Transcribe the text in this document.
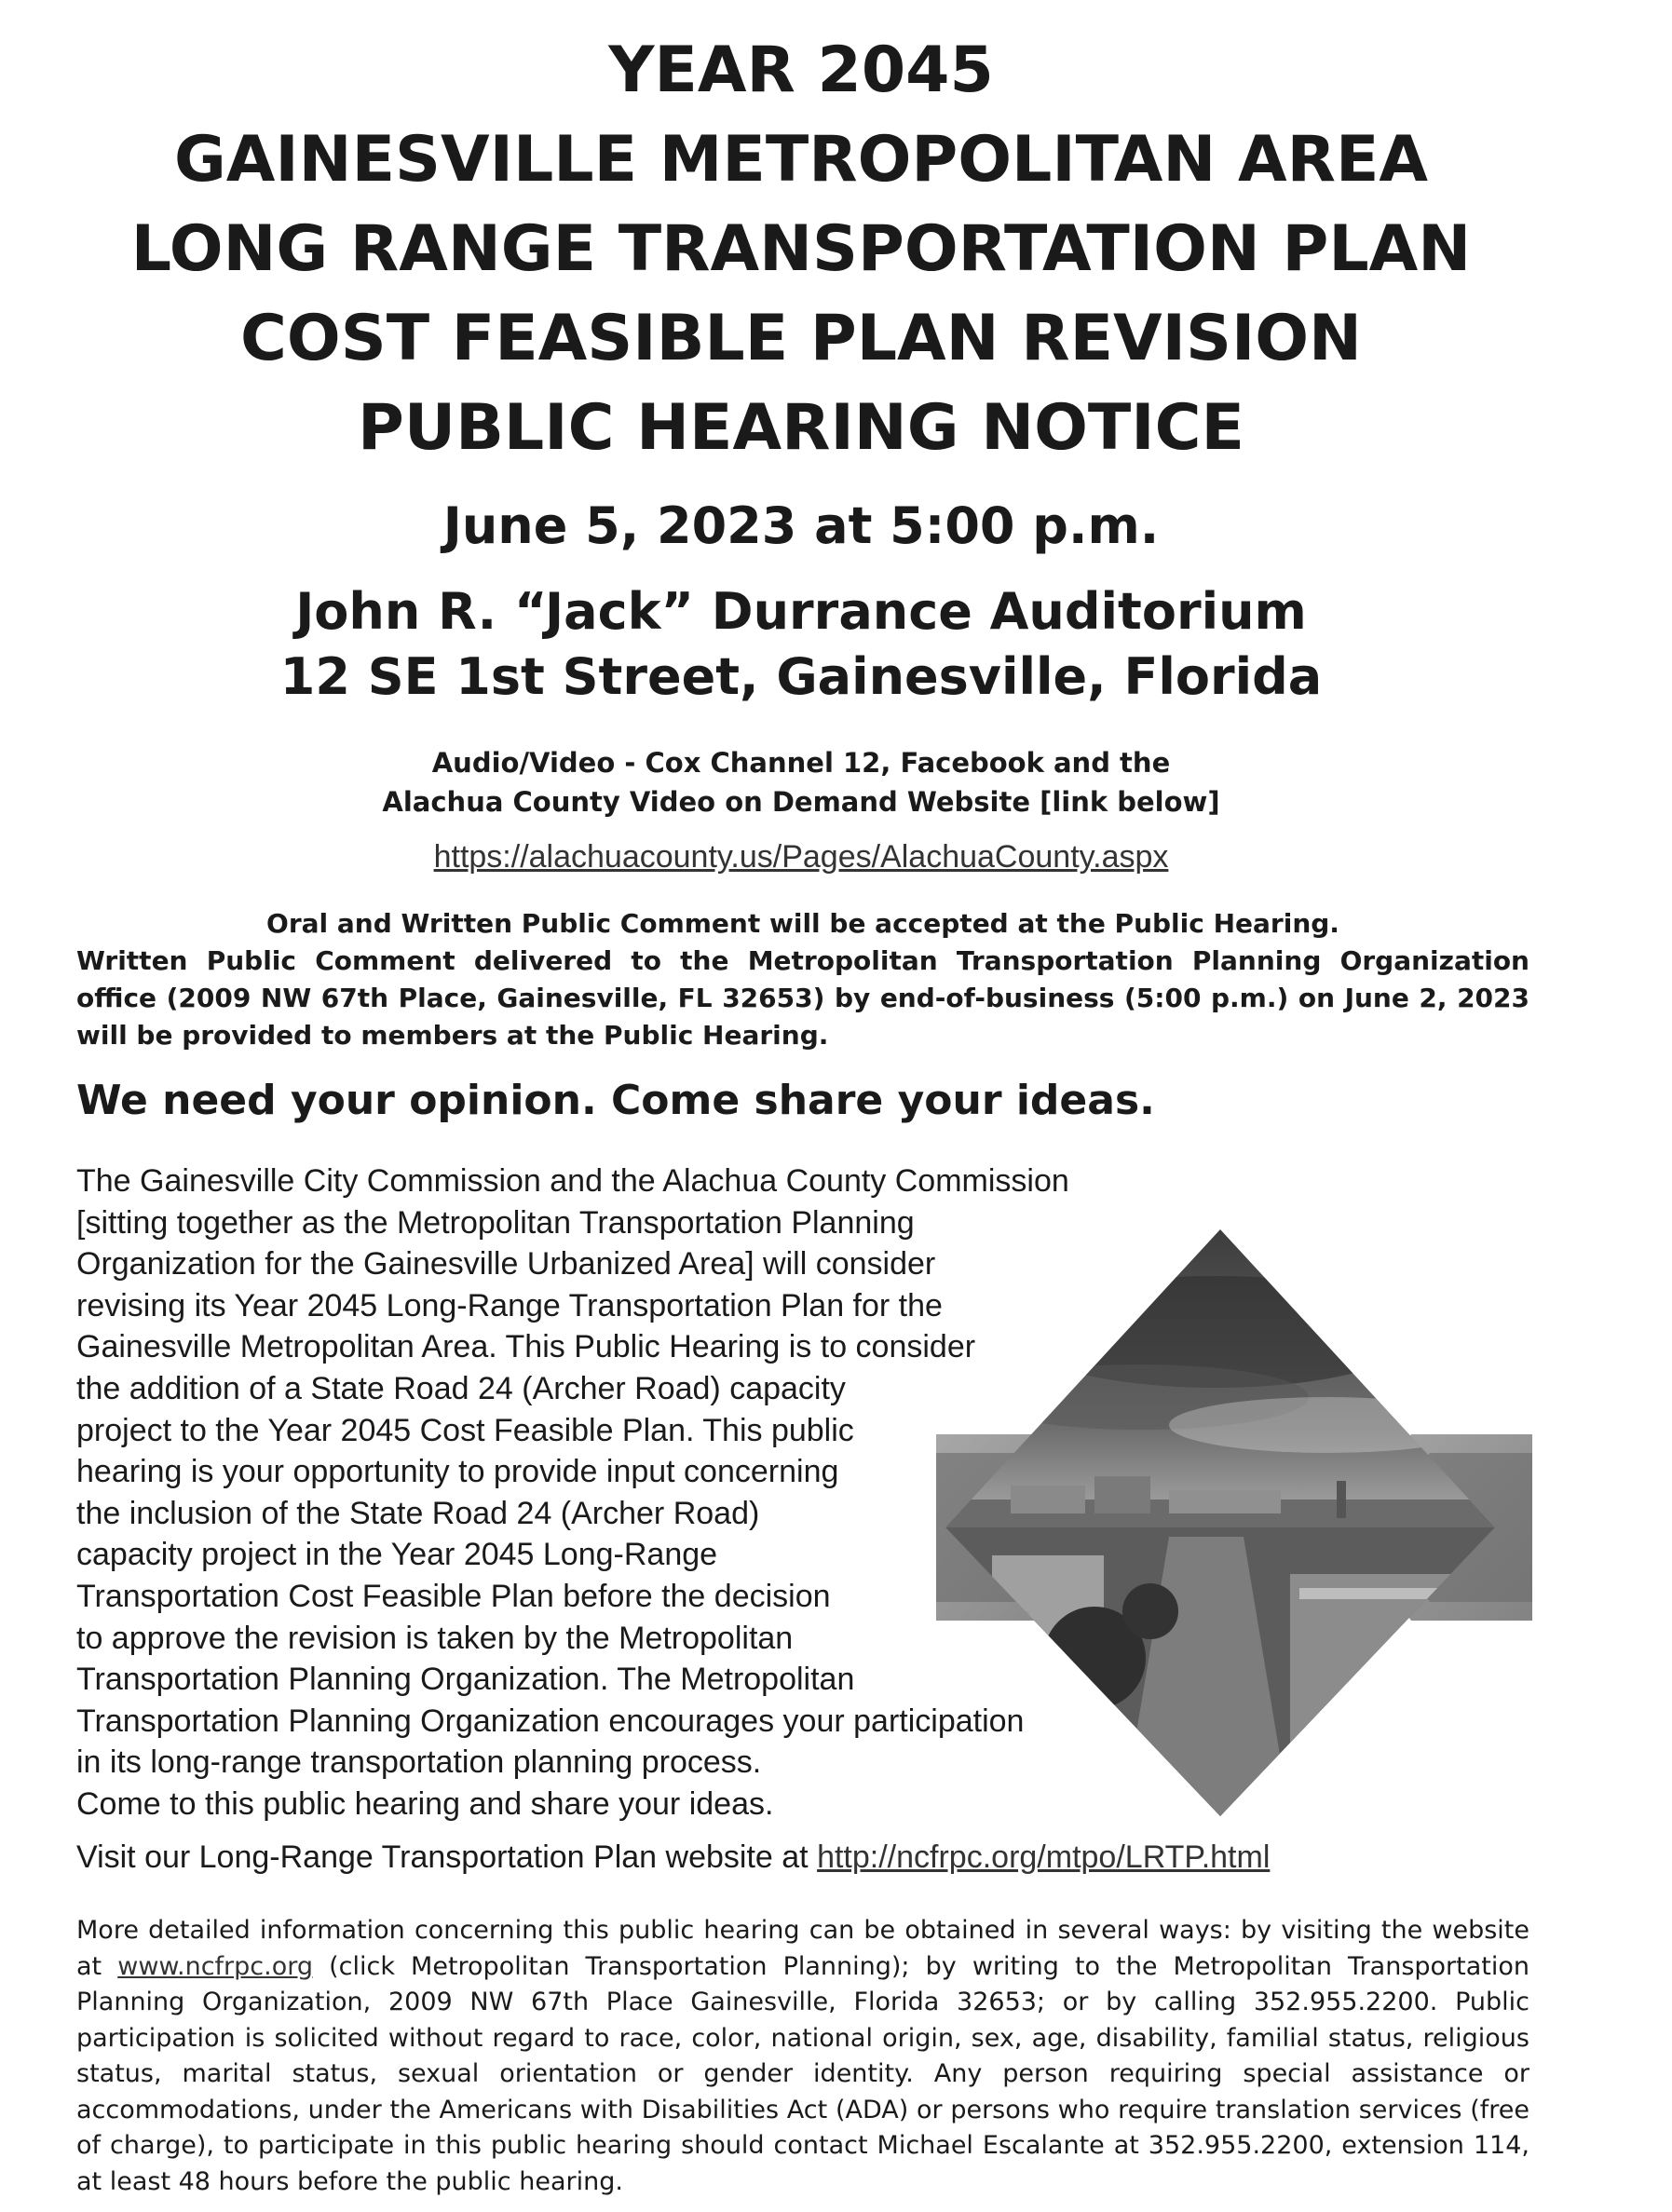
YEAR 2045
GAINESVILLE METROPOLITAN AREA
LONG RANGE TRANSPORTATION PLAN
COST FEASIBLE PLAN REVISION
PUBLIC HEARING NOTICE
June 5, 2023 at 5:00 p.m.
John R. “Jack” Durrance Auditorium
12 SE 1st Street, Gainesville, Florida
Audio/Video - Cox Channel 12, Facebook and the
Alachua County Video on Demand Website [link below]
https://alachuacounty.us/Pages/AlachuaCounty.aspx
Oral and Written Public Comment will be accepted at the Public Hearing.
Written Public Comment delivered to the Metropolitan Transportation Planning Organization office (2009 NW 67th Place, Gainesville, FL 32653) by end-of-business (5:00 p.m.) on June 2, 2023 will be provided to members at the Public Hearing.
We need your opinion. Come share your ideas.
The Gainesville City Commission and the Alachua County Commission
[sitting together as the Metropolitan Transportation Planning
Organization for the Gainesville Urbanized Area] will consider
revising its Year 2045 Long-Range Transportation Plan for the
Gainesville Metropolitan Area. This Public Hearing is to consider
the addition of a State Road 24 (Archer Road) capacity
project to the Year 2045 Cost Feasible Plan. This public
hearing is your opportunity to provide input concerning
the inclusion of the State Road 24 (Archer Road)
capacity project in the Year 2045 Long-Range
Transportation Cost Feasible Plan before the decision
to approve the revision is taken by the Metropolitan
Transportation Planning Organization. The Metropolitan
Transportation Planning Organization encourages your participation
in its long-range transportation planning process.
Come to this public hearing and share your ideas.
Visit our Long-Range Transportation Plan website at http://ncfrpc.org/mtpo/LRTP.html
More detailed information concerning this public hearing can be obtained in several ways: by visiting the website at www.ncfrpc.org (click Metropolitan Transportation Planning); by writing to the Metropolitan Transportation Planning Organization, 2009 NW 67th Place Gainesville, Florida 32653; or by calling 352.955.2200. Public participation is solicited without regard to race, color, national origin, sex, age, disability, familial status, religious status, marital status, sexual orientation or gender identity. Any person requiring special assistance or accommodations, under the Americans with Disabilities Act (ADA) or persons who require translation services (free of charge), to participate in this public hearing should contact Michael Escalante at 352.955.2200, extension 114, at least 48 hours before the public hearing.
